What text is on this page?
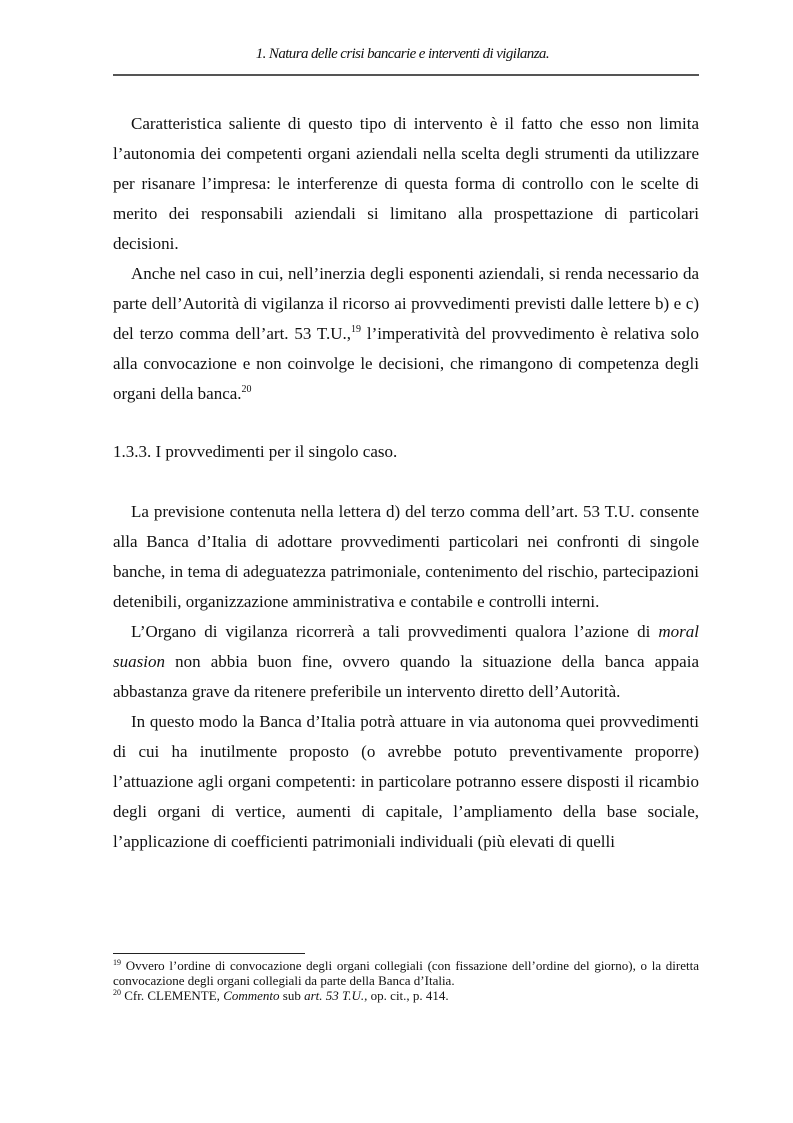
1. Natura delle crisi bancarie e interventi di vigilanza.

Caratteristica saliente di questo tipo di intervento è il fatto che esso non limita l’autonomia dei competenti organi aziendali nella scelta degli strumenti da utilizzare per risanare l’impresa: le interferenze di questa forma di controllo con le scelte di merito dei responsabili aziendali si limitano alla prospettazione di particolari decisioni.

Anche nel caso in cui, nell’inerzia degli esponenti aziendali, si renda necessario da parte dell’Autorità di vigilanza il ricorso ai provvedimenti previsti dalle lettere b) e c) del terzo comma dell’art. 53 T.U.,$^{19}$ l’imperatività del provvedimento è relativa solo alla convocazione e non coinvolge le decisioni, che rimangono di competenza degli organi della banca.$^{20}$

1.3.3. I provvedimenti per il singolo caso.

La previsione contenuta nella lettera d) del terzo comma dell’art. 53 T.U. consente alla Banca d’Italia di adottare provvedimenti particolari nei confronti di singole banche, in tema di adeguatezza patrimoniale, contenimento del rischio, partecipazioni detenibili, organizzazione amministrativa e contabile e controlli interni.

L’Organo di vigilanza ricorrerà a tali provvedimenti qualora l’azione di moral suasion non abbia buon fine, ovvero quando la situazione della banca appaia abbastanza grave da ritenere preferibile un intervento diretto dell’Autorità.

In questo modo la Banca d’Italia potrà attuare in via autonoma quei provvedimenti di cui ha inutilmente proposto (o avrebbe potuto preventivamente proporre) l’attuazione agli organi competenti: in particolare potranno essere disposti il ricambio degli organi di vertice, aumenti di capitale, l’ampliamento della base sociale, l’applicazione di coefficienti patrimoniali individuali (più elevati di quelli

$^{19}$ Ovvero l’ordine di convocazione degli organi collegiali (con fissazione dell’ordine del giorno), o la diretta convocazione degli organi collegiali da parte della Banca d’Italia.

$^{20}$ Cfr. CLEMENTE, Commento sub art. 53 T.U., op. cit., p. 414.
